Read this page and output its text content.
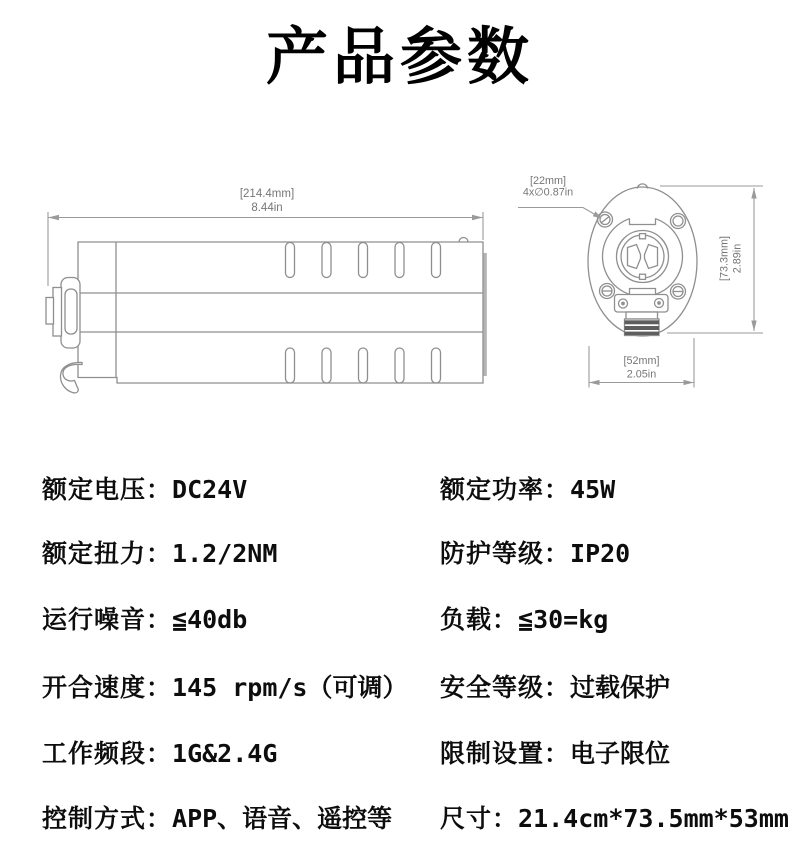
产品参数
[214.4mm]
8.44in
[22mm]
4x∅0.87in
[73.3mm] 2.89in
[52mm]
2.05in
额定电压：DC24V
额定扭力：1.2/2NM
运行噪音：≦40db
开合速度：145 rpm/s（可调）
工作频段：1G&2.4G
控制方式：APP、语音、遥控等
额定功率：45W
防护等级：IP20
负载：≦30=kg
安全等级：过载保护
限制设置：电子限位
尺寸：21.4cm*73.5mm*53mm
